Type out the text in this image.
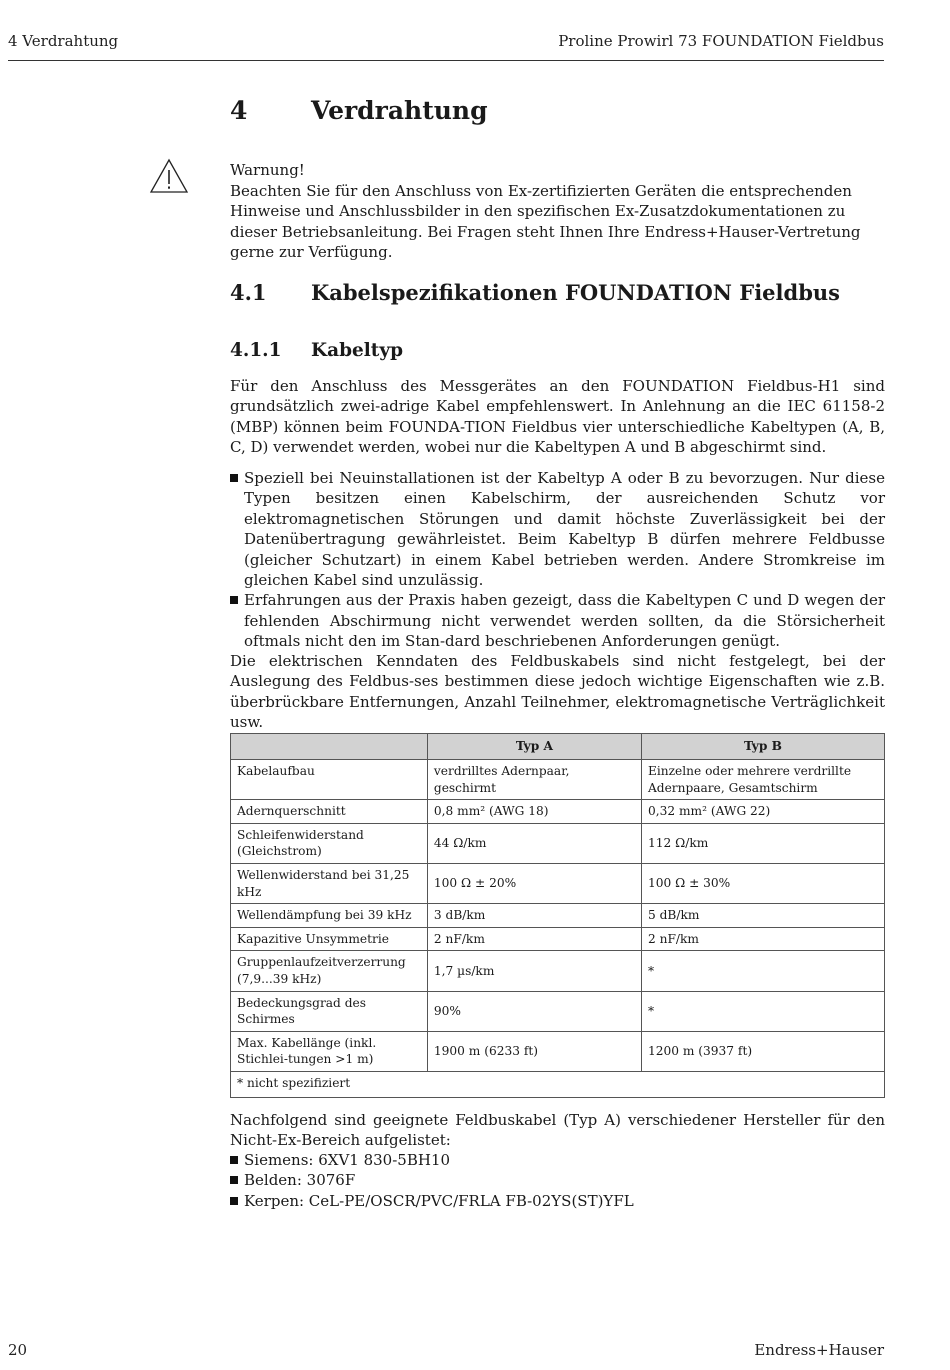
4 Verdrahtung	Proline Prowirl 73 FOUNDATION Fieldbus
4	Verdrahtung

Warnung!

Beachten Sie für den Anschluss von Ex-zertifizierten Geräten die entsprechenden Hinweise und Anschlussbilder in den spezifischen Ex-Zusatzdokumentationen zu dieser Betriebsanleitung. Bei Fragen steht Ihnen Ihre Endress+Hauser-Vertretung gerne zur Verfügung.

4.1 Kabelspezifikationen FOUNDATION Fieldbus
4.1.1 Kabeltyp

Für den Anschluss des Messgerätes an den FOUNDATION Fieldbus-H1 sind grundsätzlich zwei-adrige Kabel empfehlenswert. In Anlehnung an die IEC 61158-2 (MBP) können beim FOUNDA-TION Fieldbus vier unterschiedliche Kabeltypen (A, B, C, D) verwendet werden, wobei nur die Kabeltypen A und B abgeschirmt sind.

Speziell bei Neuinstallationen ist der Kabeltyp A oder B zu bevorzugen. Nur diese Typen besitzen einen Kabelschirm, der ausreichenden Schutz vor elektromagnetischen Störungen und damit höchste Zuverlässigkeit bei der Datenübertragung gewährleistet. Beim Kabeltyp B dürfen mehrere Feldbusse (gleicher Schutzart) in einem Kabel betrieben werden. Andere Stromkreise im gleichen Kabel sind unzulässig.
Erfahrungen aus der Praxis haben gezeigt, dass die Kabeltypen C und D wegen der fehlenden Abschirmung nicht verwendet werden sollten, da die Störsicherheit oftmals nicht den im Stan-dard beschriebenen Anforderungen genügt.

Die elektrischen Kenndaten des Feldbuskabels sind nicht festgelegt, bei der Auslegung des Feldbus-ses bestimmen diese jedoch wichtige Eigenschaften wie z.B. überbrückbare Entfernungen, Anzahl Teilnehmer, elektromagnetische Verträglichkeit usw.

	Typ A	Typ B
Kabelaufbau	verdrilltes Adernpaar, geschirmt	Einzelne oder mehrere verdrillte Adernpaare, Gesamtschirm
Adernquerschnitt	0,8 mm² (AWG 18)	0,32 mm² (AWG 22)
Schleifenwiderstand (Gleichstrom)	44 Ω/km	112 Ω/km
Wellenwiderstand bei 31,25 kHz	100 Ω ± 20%	100 Ω ± 30%
Wellendämpfung bei 39 kHz	3 dB/km	5 dB/km
Kapazitive Unsymmetrie	2 nF/km	2 nF/km
Gruppenlaufzeitverzerrung (7,9...39 kHz)	1,7 µs/km	*
Bedeckungsgrad des Schirmes	90%	*
Max. Kabellänge (inkl. Stichlei-tungen >1 m)	1900 m (6233 ft)	1200 m (3937 ft)
* nicht spezifiziert		

Nachfolgend sind geeignete Feldbuskabel (Typ A) verschiedener Hersteller für den Nicht-Ex-Bereich aufgelistet:

Siemens: 6XV1 830-5BH10
Belden: 3076F
Kerpen: CeL-PE/OSCR/PVC/FRLA FB-02YS(ST)YFL
20	Endress+Hauser
